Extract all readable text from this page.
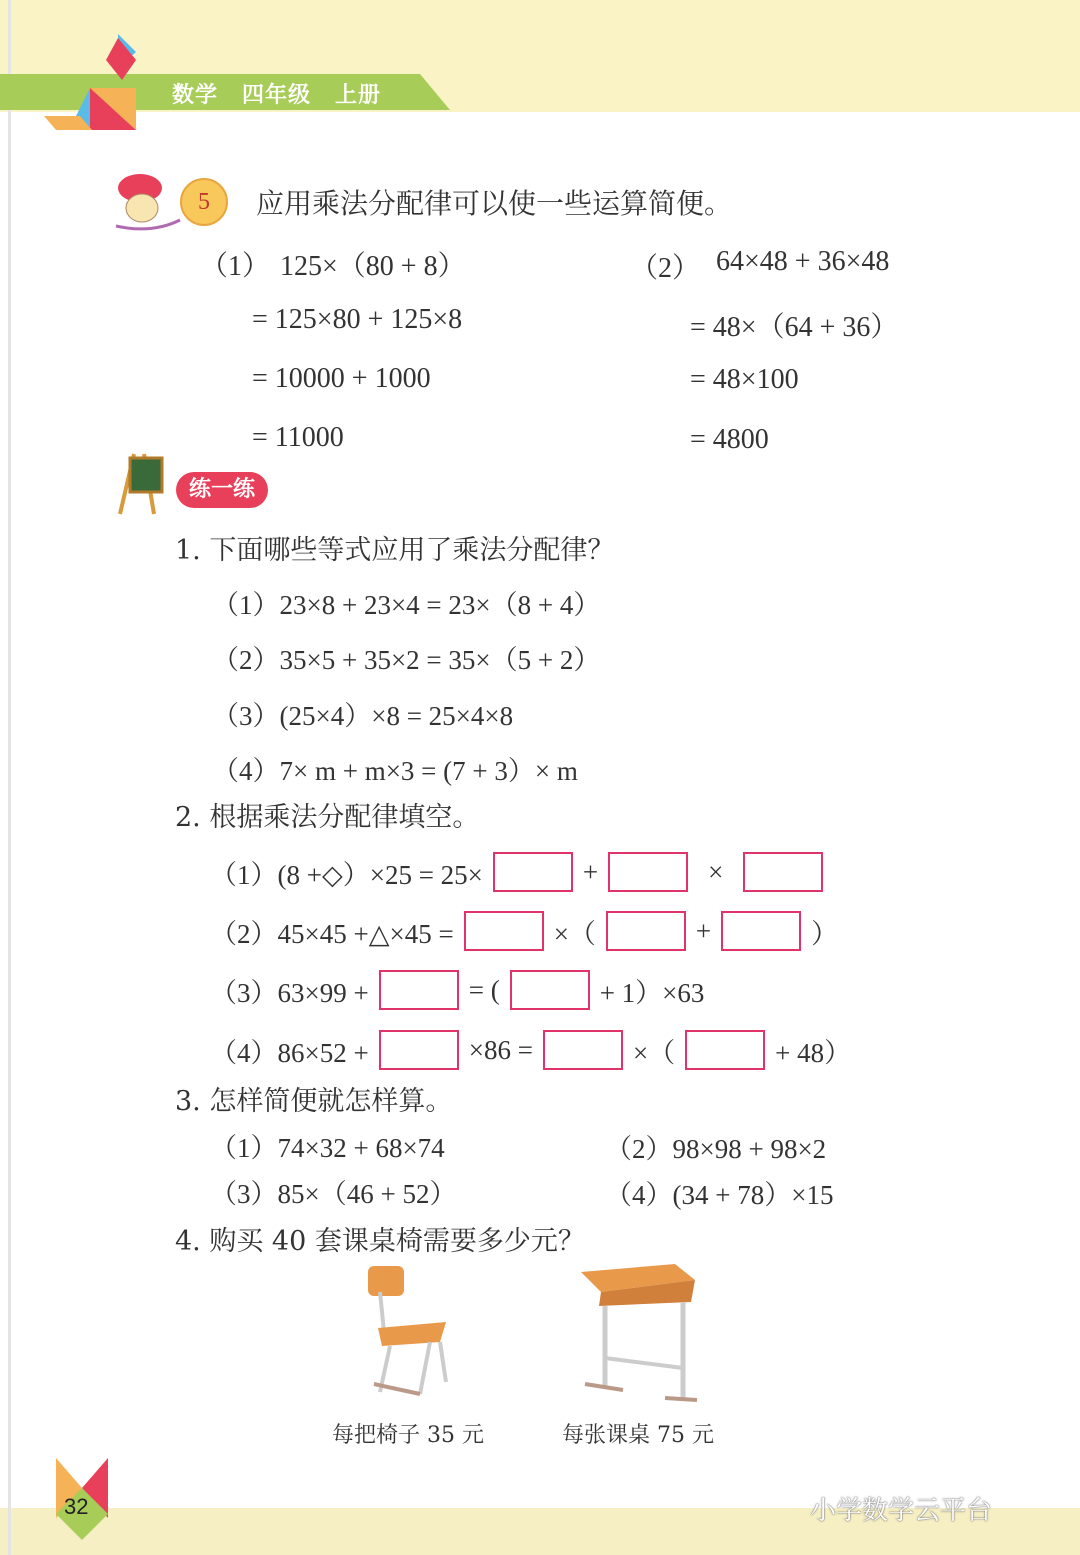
数学 四年级 上册
5	应用乘法分配律可以使一些运算简便。
（1） 125×（80 + 8）
= 125×80 + 125×8
= 10000 + 1000
= 11000
（2） 64×48 + 36×48
= 48×（64 + 36）
= 48×100
= 4800
练一练
1. 下面哪些等式应用了乘法分配律？
（1）23×8 + 23×4 = 23×（8 + 4）
（2）35×5 + 35×2 = 35×（5 + 2）
（3）(25×4）×8 = 25×4×8
（4）7× m + m×3 = (7 + 3）× m
2. 根据乘法分配律填空。
（1）(8 +◇）×25 = 25×	+	×
（2）45×45 +△×45 =	×（	+	）
（3）63×99 +	= (	+ 1）×63
（4）86×52 +	×86 =	×（	+ 48）
3. 怎样简便就怎样算。
（1）74×32 + 68×74	（2）98×98 + 98×2
（3）85×（46 + 52）	（4）(34 + 78）×15
4. 购买 40 套课桌椅需要多少元？
每把椅子 35 元	每张课桌 75 元
32	小学数学云平台
